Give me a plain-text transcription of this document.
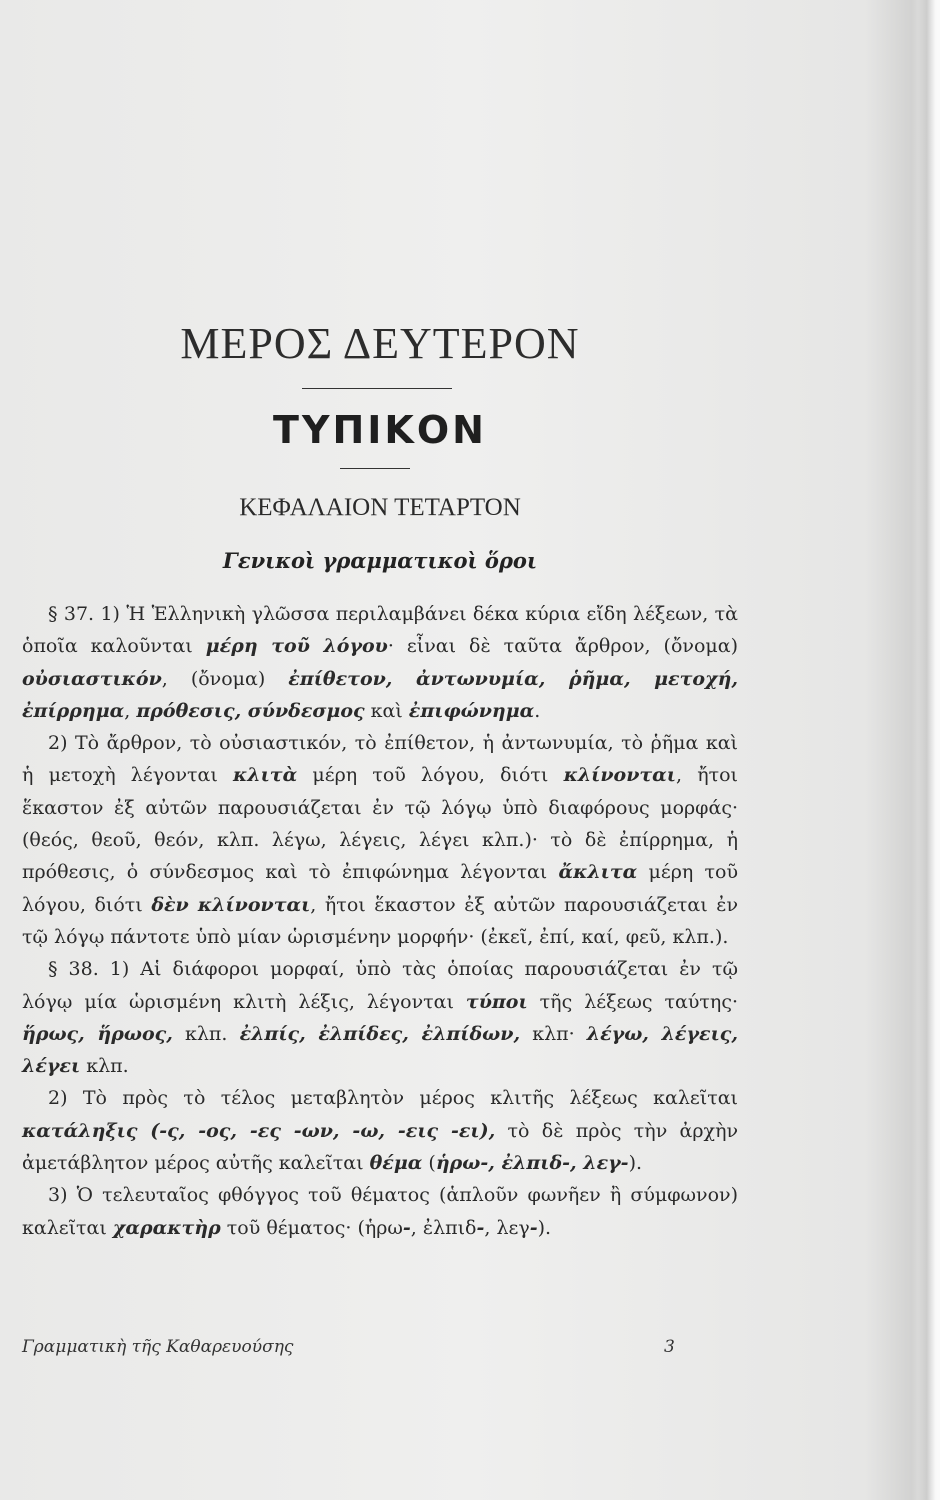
ΜΕΡΟΣ ΔΕΥΤΕΡΟΝ
ΤΥΠΙΚΟΝ
ΚΕΦΑΛΑΙΟΝ ΤΕΤΑΡΤΟΝ
Γενικοὶ γραμματικοὶ ὅροι

§ 37. 1) Ἡ Ἑλληνικὴ γλῶσσα περιλαμβάνει δέκα κύρια εἴδη λέξεων, τὰ ὁποῖα καλοῦνται μέρη τοῦ λόγου· εἶναι δὲ ταῦτα ἄρθρον, (ὄνομα) οὐσιαστικόν, (ὄνομα) ἐπίθετον, ἀντωνυμία, ῥῆμα, μετοχή, ἐπίρρημα, πρόθεσις, σύνδεσμος καὶ ἐπιφώνημα.

2) Τὸ ἄρθρον, τὸ οὐσιαστικόν, τὸ ἐπίθετον, ἡ ἀντωνυμία, τὸ ῥῆμα καὶ ἡ μετοχὴ λέγονται κλιτὰ μέρη τοῦ λόγου, διότι κλίνονται, ἤτοι ἕκαστον ἐξ αὐτῶν παρουσιάζεται ἐν τῷ λόγῳ ὑπὸ διαφόρους μορφάς· (θεός, θεοῦ, θεόν, κλπ. λέγω, λέγεις, λέγει κλπ.)· τὸ δὲ ἐπίρρημα, ἡ πρόθεσις, ὁ σύνδεσμος καὶ τὸ ἐπιφώνημα λέγονται ἄκλιτα μέρη τοῦ λόγου, διότι δὲν κλίνονται, ἤτοι ἕκαστον ἐξ αὐτῶν παρουσιάζεται ἐν τῷ λόγῳ πάντοτε ὑπὸ μίαν ὡρισμένην μορφήν· (ἐκεῖ, ἐπί, καί, φεῦ, κλπ.).

§ 38. 1) Αἱ διάφοροι μορφαί, ὑπὸ τὰς ὁποίας παρουσιάζεται ἐν τῷ λόγῳ μία ὡρισμένη κλιτὴ λέξις, λέγονται τύποι τῆς λέξεως ταύτης· ἥρως, ἥρωος, κλπ. ἐλπίς, ἐλπίδες, ἐλπίδων, κλπ· λέγω, λέγεις, λέγει κλπ.

2) Τὸ πρὸς τὸ τέλος μεταβλητὸν μέρος κλιτῆς λέξεως καλεῖται κατάληξις (-ς, -ος, -ες -ων, -ω, -εις -ει), τὸ δὲ πρὸς τὴν ἀρχὴν ἀμετάβλητον μέρος αὐτῆς καλεῖται θέμα (ἡρω-, ἐλπιδ-, λεγ-).

3) Ὁ τελευταῖος φθόγγος τοῦ θέματος (ἁπλοῦν φωνῆεν ἢ σύμφωνον) καλεῖται χαρακτὴρ τοῦ θέματος· (ἡρω-, ἐλπιδ-, λεγ-).

Γραμματικὴ τῆς Καθαρευούσης	3
